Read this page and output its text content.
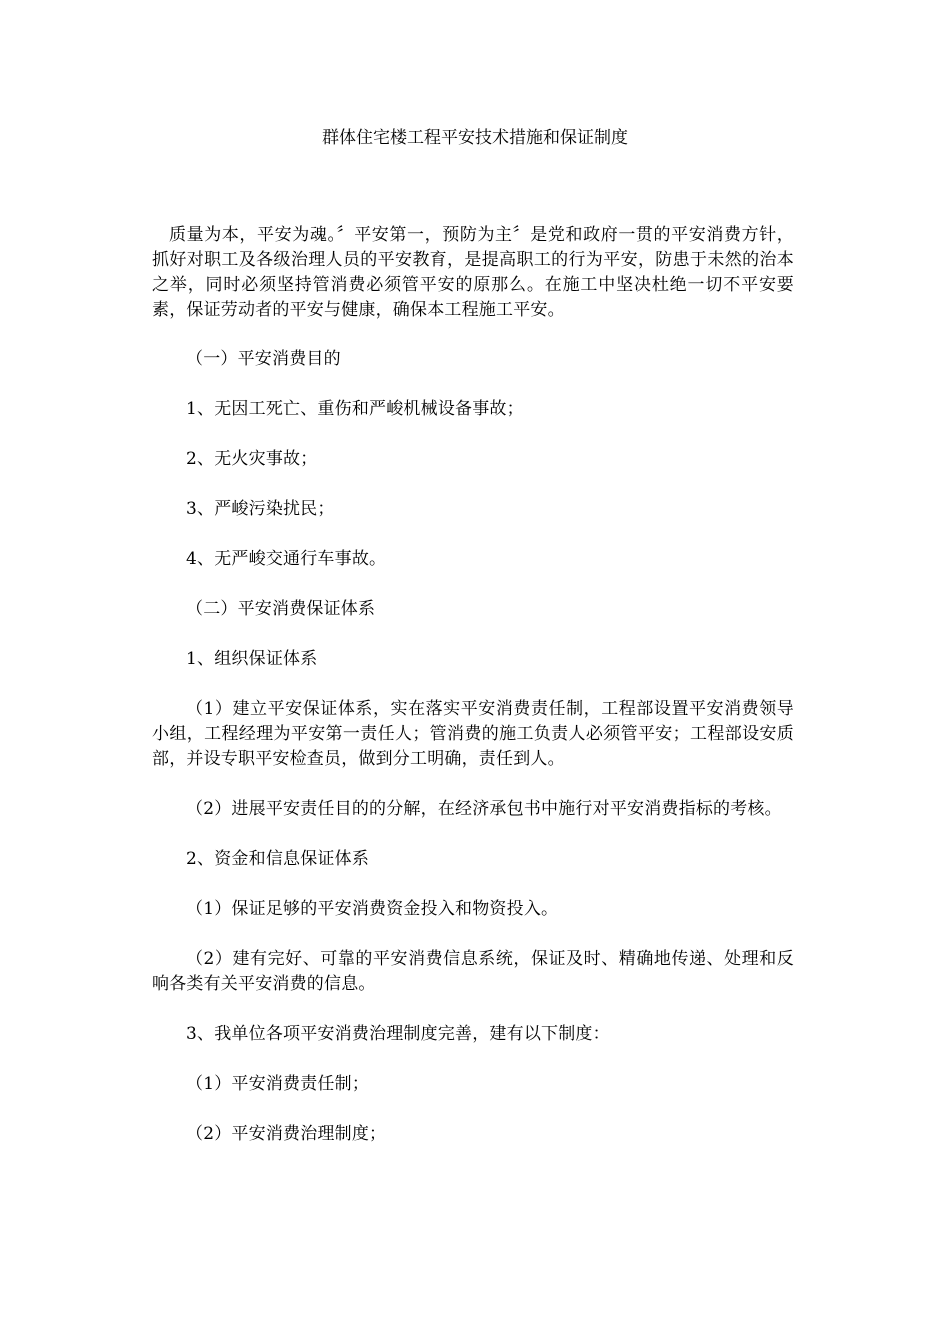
群体住宅楼工程平安技术措施和保证制度

质量为本，平安为魂。〞平安第一，预防为主〞是党和政府一贯的平安消费方针，抓好对职工及各级治理人员的平安教育，是提高职工的行为平安，防患于未然的治本之举，同时必须坚持管消费必须管平安的原那么。在施工中坚决杜绝一切不平安要素，保证劳动者的平安与健康，确保本工程施工平安。

（一）平安消费目的

1、无因工死亡、重伤和严峻机械设备事故；

2、无火灾事故；

3、严峻污染扰民；

4、无严峻交通行车事故。

（二）平安消费保证体系

1、组织保证体系

（1）建立平安保证体系，实在落实平安消费责任制，工程部设置平安消费领导小组，工程经理为平安第一责任人；管消费的施工负责人必须管平安；工程部设安质部，并设专职平安检查员，做到分工明确，责任到人。

（2）进展平安责任目的的分解，在经济承包书中施行对平安消费指标的考核。

2、资金和信息保证体系

（1）保证足够的平安消费资金投入和物资投入。

（2）建有完好、可靠的平安消费信息系统，保证及时、精确地传递、处理和反响各类有关平安消费的信息。

3、我单位各项平安消费治理制度完善，建有以下制度：

（1）平安消费责任制；

（2）平安消费治理制度；
